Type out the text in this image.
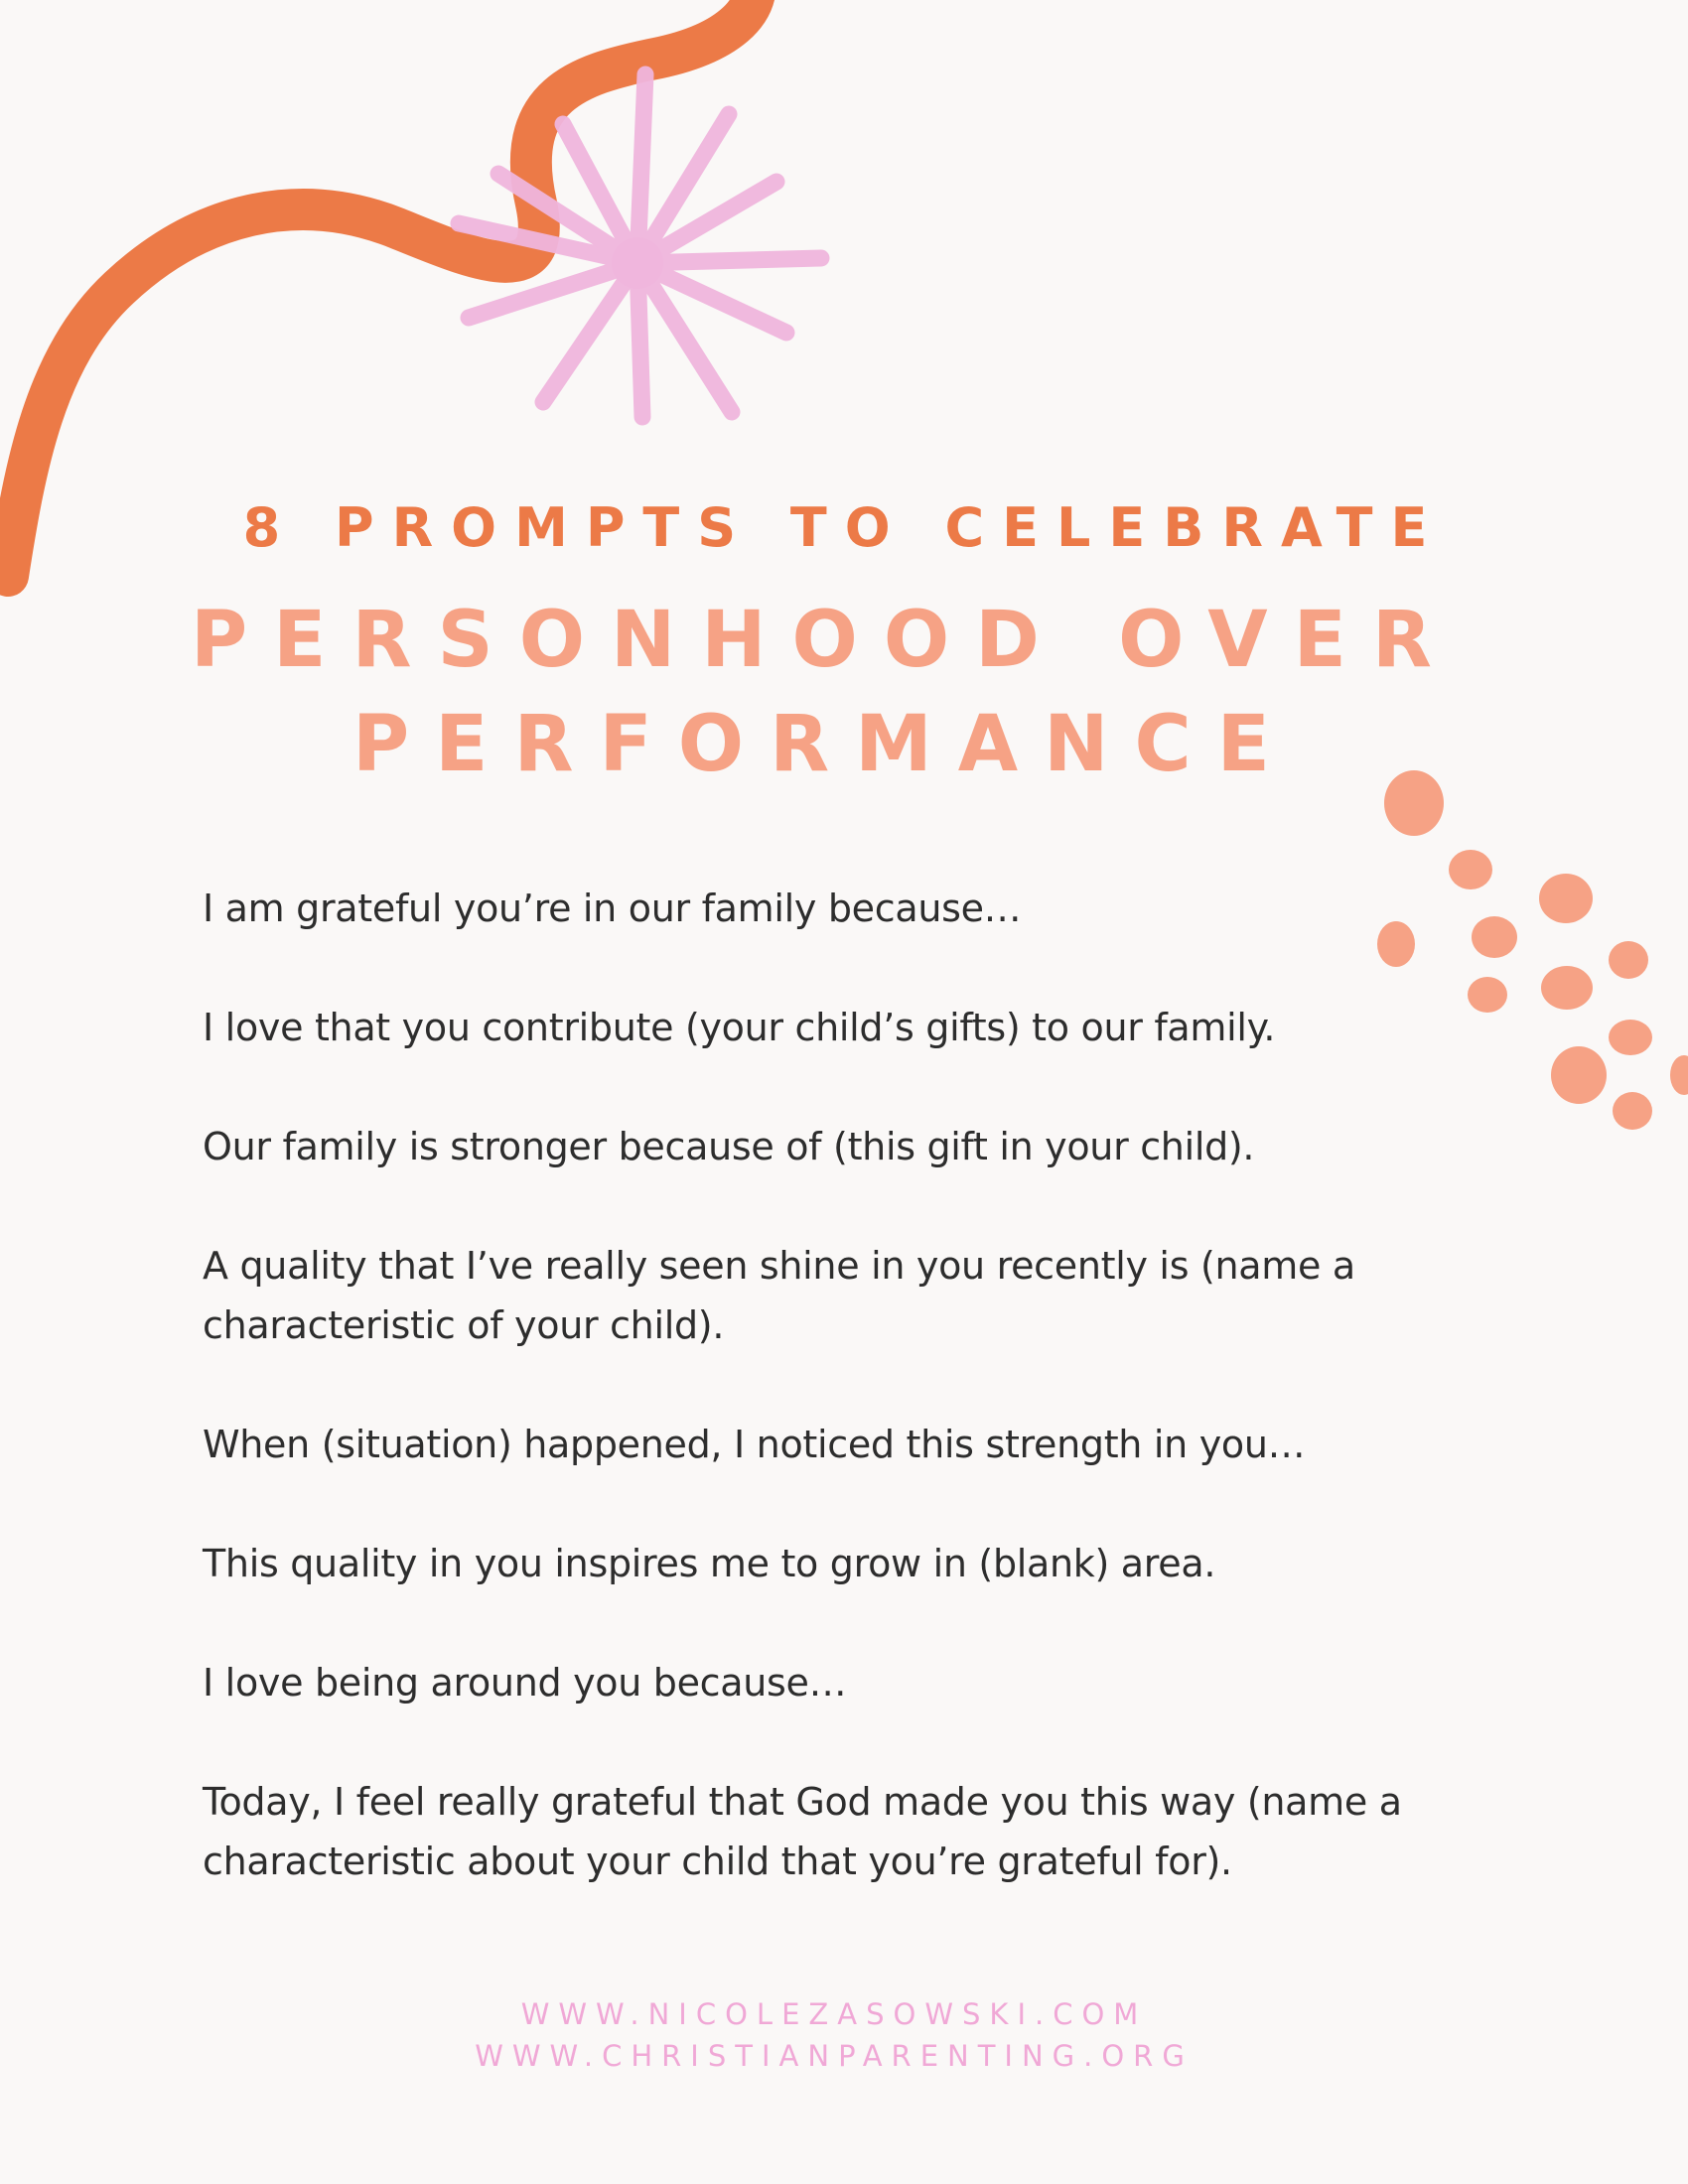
8 PROMPTS TO CELEBRATE
PERSONHOOD OVER
PERFORMANCE
I am grateful you’re in our family because…
I love that you contribute (your child’s gifts) to our family.
Our family is stronger because of (this gift in your child).
A quality that I’ve really seen shine in you recently is (name a characteristic of your child).
When (situation) happened, I noticed this strength in you…
This quality in you inspires me to grow in (blank) area.
I love being around you because…
Today, I feel really grateful that God made you this way (name a characteristic about your child that you’re grateful for).
WWW.NICOLEZASOWSKI.COM
WWW.CHRISTIANPARENTING.ORG
